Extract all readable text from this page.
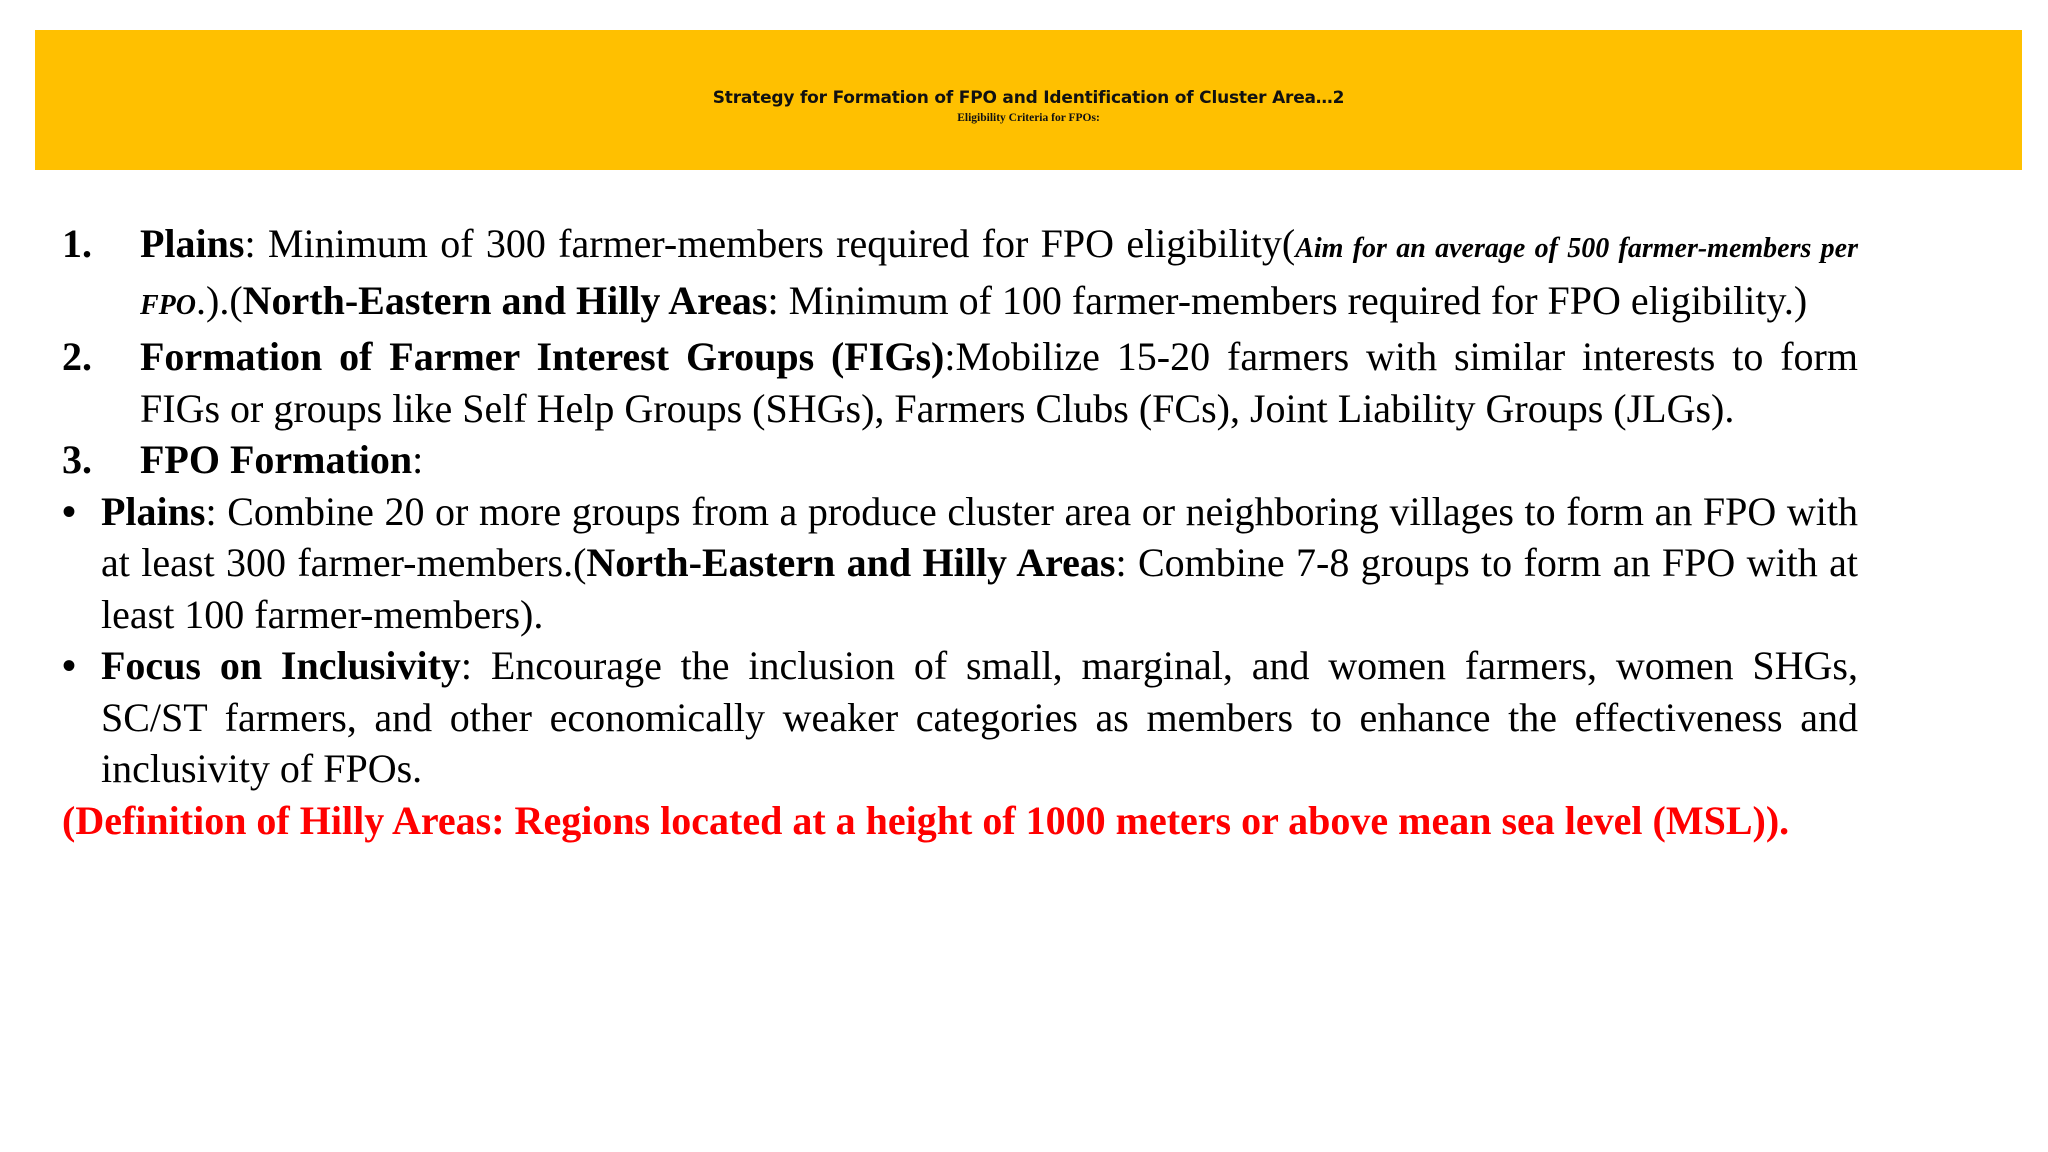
Strategy for Formation of FPO and Identification of Cluster Area…2
Eligibility Criteria for FPOs:
1. Plains: Minimum of 300 farmer-members required for FPO eligibility(Aim for an average of 500 farmer-members per FPO.).(North-Eastern and Hilly Areas: Minimum of 100 farmer-members required for FPO eligibility.)
2. Formation of Farmer Interest Groups (FIGs):Mobilize 15-20 farmers with similar interests to form FIGs or groups like Self Help Groups (SHGs), Farmers Clubs (FCs), Joint Liability Groups (JLGs).
3. FPO Formation:
• Plains: Combine 20 or more groups from a produce cluster area or neighboring villages to form an FPO with at least 300 farmer-members.(North-Eastern and Hilly Areas: Combine 7-8 groups to form an FPO with at least 100 farmer-members).
• Focus on Inclusivity: Encourage the inclusion of small, marginal, and women farmers, women SHGs, SC/ST farmers, and other economically weaker categories as members to enhance the effectiveness and inclusivity of FPOs.
(Definition of Hilly Areas: Regions located at a height of 1000 meters or above mean sea level (MSL)).
